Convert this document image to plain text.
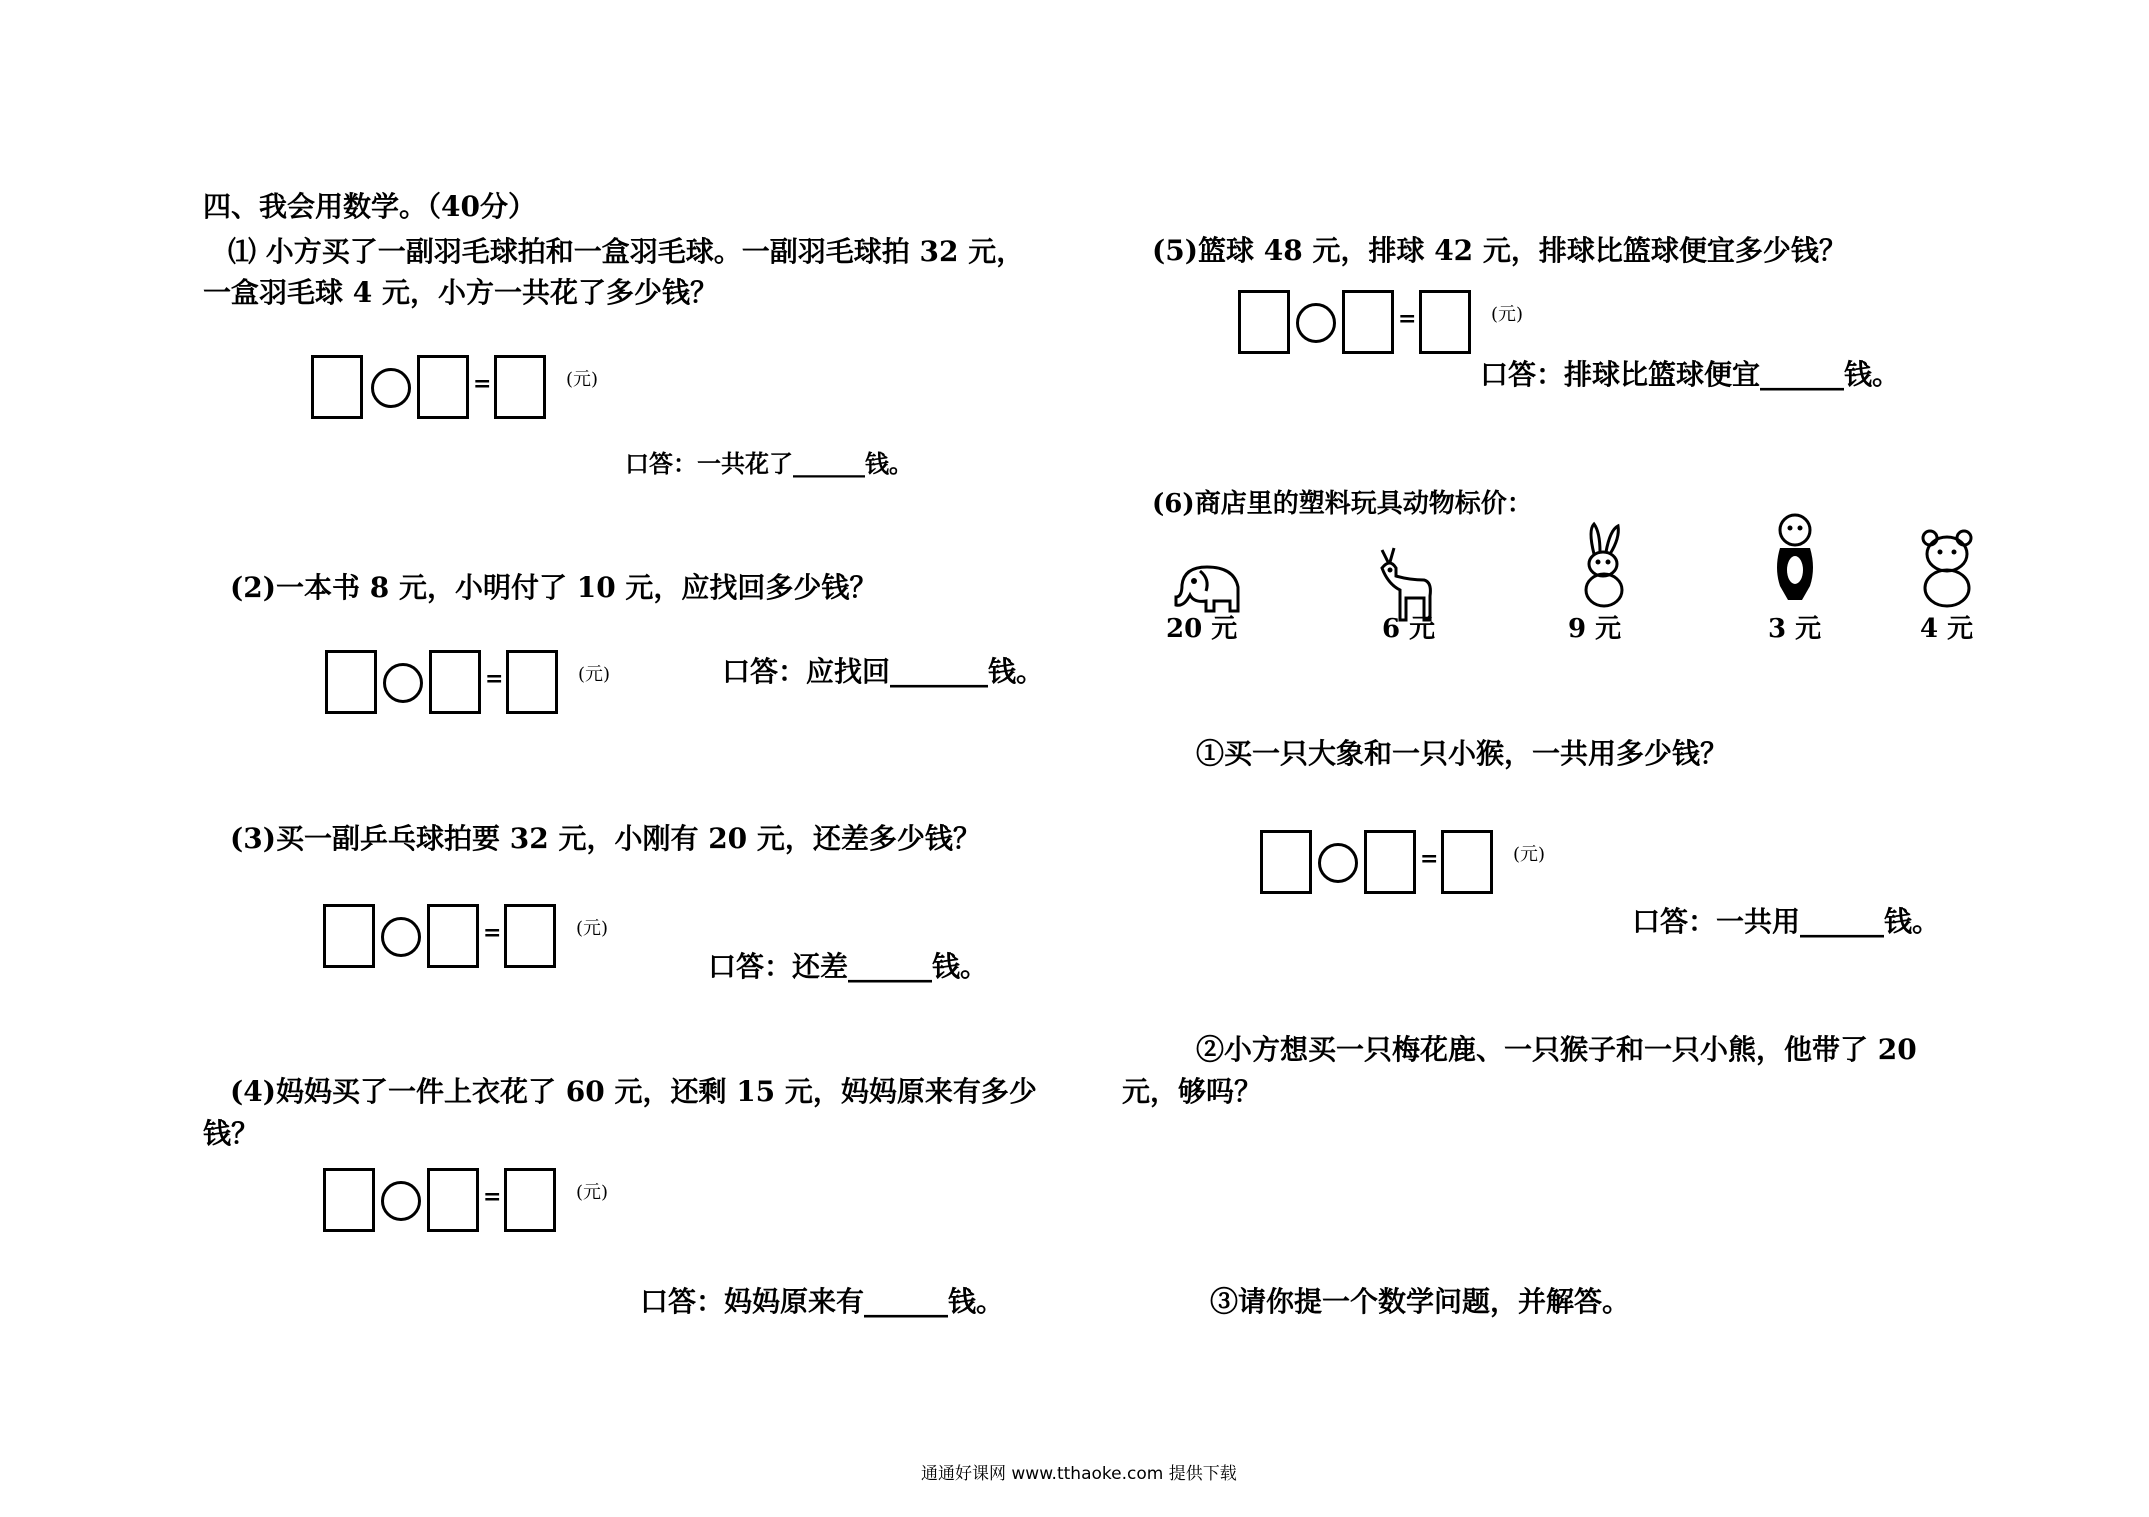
四、我会用数学。（40分）
⑴ 小方买了一副羽毛球拍和一盒羽毛球。一副羽毛球拍 32 元，
一盒羽毛球 4 元，小方一共花了多少钱？
=	(元)
口答：一共花了______钱。
(2)一本书 8 元，小明付了 10 元，应找回多少钱？
=	(元)	口答：应找回_______钱。
(3)买一副乒乓球拍要 32 元，小刚有 20 元，还差多少钱？
=	(元)
口答：还差______钱。
(4)妈妈买了一件上衣花了 60 元，还剩 15 元，妈妈原来有多少
钱？
=	(元)
口答：妈妈原来有______钱。
(5)篮球 48 元，排球 42 元，排球比篮球便宜多少钱？
=	(元)
口答：排球比篮球便宜______钱。
(6)商店里的塑料玩具动物标价：
20 元	6 元	9 元	3 元	4 元
①买一只大象和一只小猴，一共用多少钱？
=	(元)
口答：一共用______钱。
②小方想买一只梅花鹿、一只猴子和一只小熊，他带了 20
元，够吗？
③请你提一个数学问题，并解答。
通通好课网 www.tthaoke.com 提供下载
